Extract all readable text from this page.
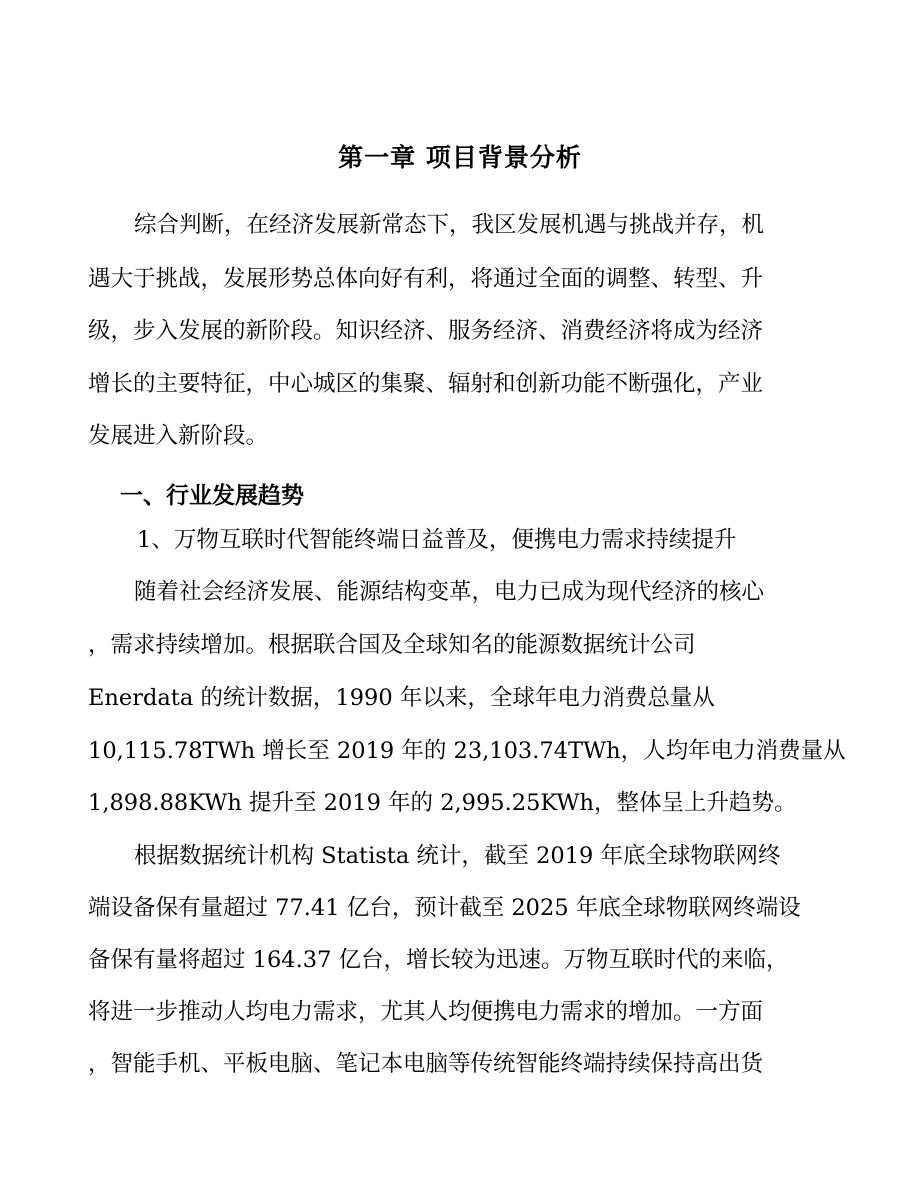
第一章 项目背景分析

综合判断，在经济发展新常态下，我区发展机遇与挑战并存，机

遇大于挑战，发展形势总体向好有利，将通过全面的调整、转型、升

级，步入发展的新阶段。知识经济、服务经济、消费经济将成为经济

增长的主要特征，中心城区的集聚、辐射和创新功能不断强化，产业

发展进入新阶段。

一、行业发展趋势

1、万物互联时代智能终端日益普及，便携电力需求持续提升

随着社会经济发展、能源结构变革，电力已成为现代经济的核心

，需求持续增加。根据联合国及全球知名的能源数据统计公司

Enerdata 的统计数据，1990 年以来，全球年电力消费总量从

10,115.78TWh 增长至 2019 年的 23,103.74TWh，人均年电力消费量从

1,898.88KWh 提升至 2019 年的 2,995.25KWh，整体呈上升趋势。

根据数据统计机构 Statista 统计，截至 2019 年底全球物联网终

端设备保有量超过 77.41 亿台，预计截至 2025 年底全球物联网终端设

备保有量将超过 164.37 亿台，增长较为迅速。万物互联时代的来临，

将进一步推动人均电力需求，尤其人均便携电力需求的增加。一方面

，智能手机、平板电脑、笔记本电脑等传统智能终端持续保持高出货
